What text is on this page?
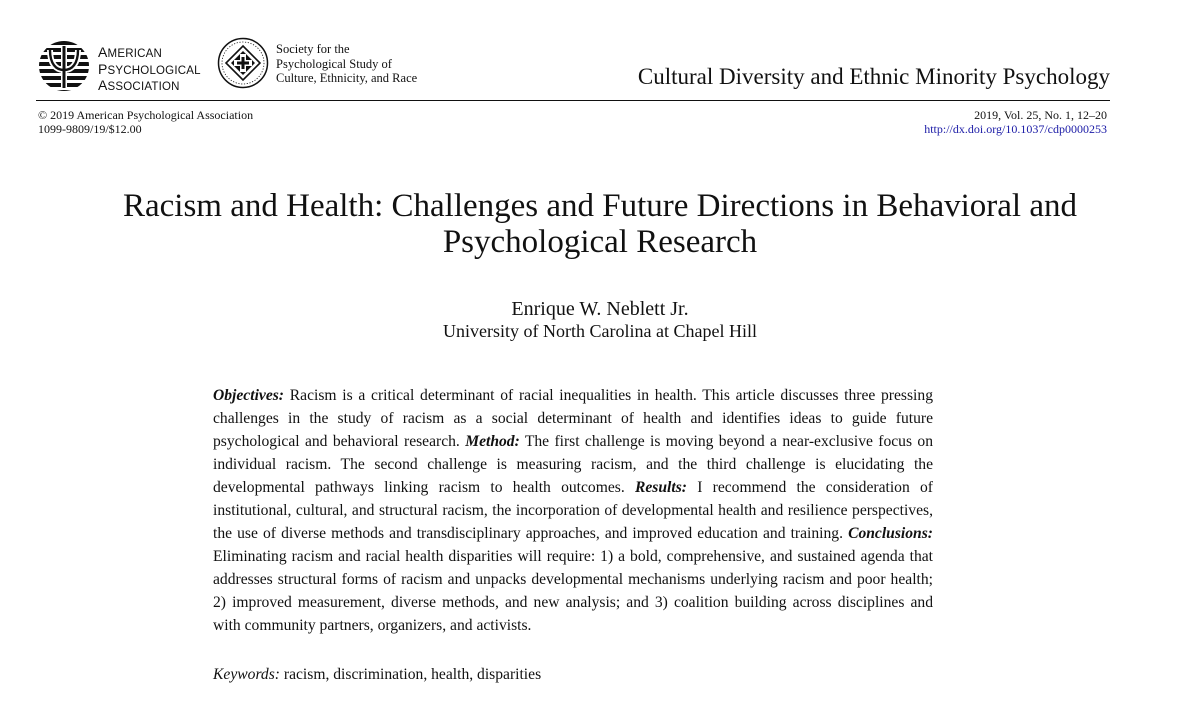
AMERICAN
PSYCHOLOGICAL
ASSOCIATION
Society for the
Psychological Study of
Culture, Ethnicity, and Race	Cultural Diversity and Ethnic Minority Psychology
© 2019 American Psychological Association
1099-9809/19/$12.00
2019, Vol. 25, No. 1, 12–20
http://dx.doi.org/10.1037/cdp0000253
Racism and Health: Challenges and Future Directions in Behavioral and Psychological Research
Enrique W. Neblett Jr.
University of North Carolina at Chapel Hill

Objectives: Racism is a critical determinant of racial inequalities in health. This article discusses three pressing challenges in the study of racism as a social determinant of health and identifies ideas to guide future psychological and behavioral research. Method: The first challenge is moving beyond a near-exclusive focus on individual racism. The second challenge is measuring racism, and the third challenge is elucidating the developmental pathways linking racism to health outcomes. Results: I recommend the consideration of institutional, cultural, and structural racism, the incorporation of developmental health and resilience perspectives, the use of diverse methods and transdisciplinary approaches, and improved education and training. Conclusions: Eliminating racism and racial health disparities will require: 1) a bold, comprehensive, and sustained agenda that addresses structural forms of racism and unpacks developmental mechanisms underlying racism and poor health; 2) improved measurement, diverse methods, and new analysis; and 3) coalition building across disciplines and with community partners, organizers, and activists.

Keywords: racism, discrimination, health, disparities
